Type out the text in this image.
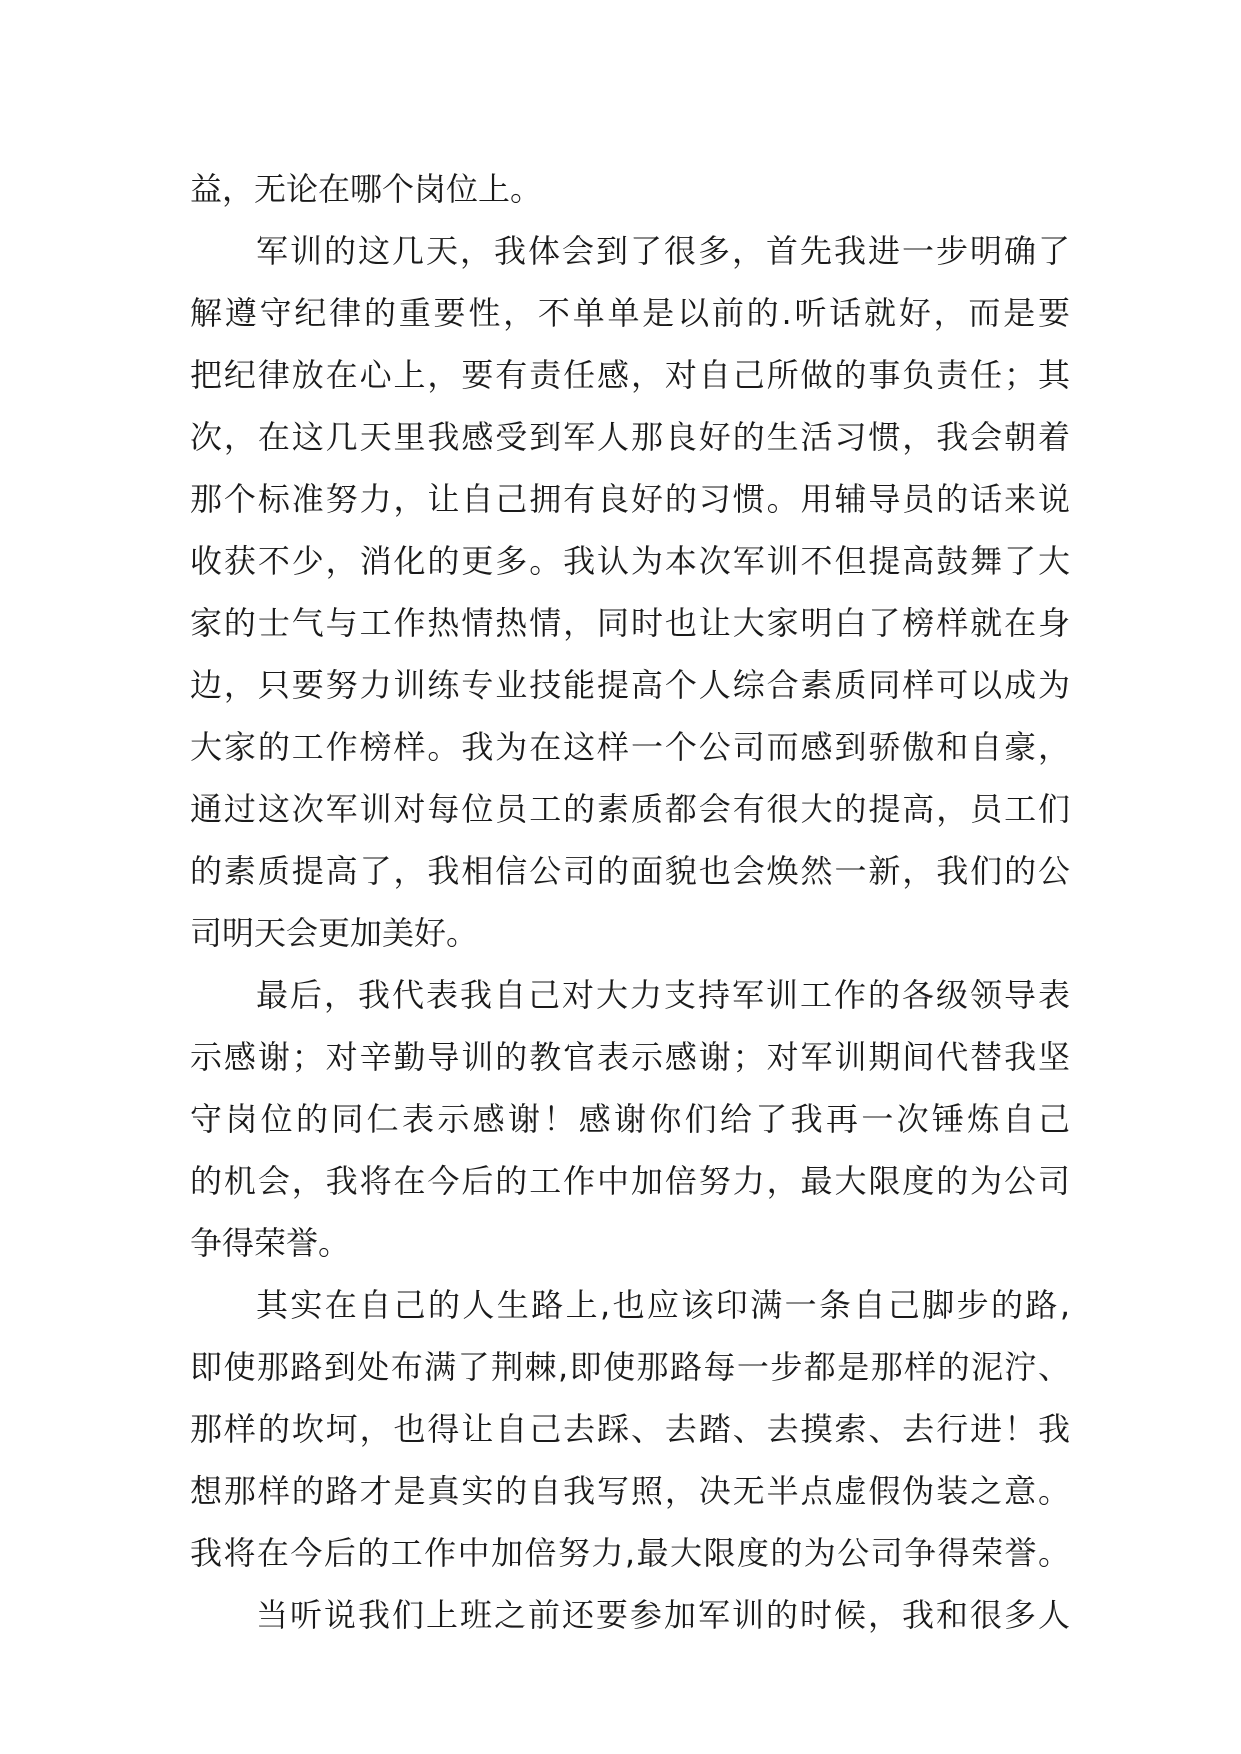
益，无论在哪个岗位上。
军训的这几天，我体会到了很多，首先我进一步明确了
解遵守纪律的重要性，不单单是以前的.听话就好，而是要
把纪律放在心上，要有责任感，对自己所做的事负责任；其
次，在这几天里我感受到军人那良好的生活习惯，我会朝着
那个标准努力，让自己拥有良好的习惯。用辅导员的话来说
收获不少，消化的更多。我认为本次军训不但提高鼓舞了大
家的士气与工作热情热情，同时也让大家明白了榜样就在身
边，只要努力训练专业技能提高个人综合素质同样可以成为
大家的工作榜样。我为在这样一个公司而感到骄傲和自豪，
通过这次军训对每位员工的素质都会有很大的提高，员工们
的素质提高了，我相信公司的面貌也会焕然一新，我们的公
司明天会更加美好。
最后，我代表我自己对大力支持军训工作的各级领导表
示感谢；对辛勤导训的教官表示感谢；对军训期间代替我坚
守岗位的同仁表示感谢！感谢你们给了我再一次锤炼自己
的机会，我将在今后的工作中加倍努力，最大限度的为公司
争得荣誉。
其实在自己的人生路上,也应该印满一条自己脚步的路,
即使那路到处布满了荆棘,即使那路每一步都是那样的泥泞、
那样的坎坷，也得让自己去踩、去踏、去摸索、去行进！我
想那样的路才是真实的自我写照，决无半点虚假伪装之意。
我将在今后的工作中加倍努力,最大限度的为公司争得荣誉。
当听说我们上班之前还要参加军训的时候，我和很多人
